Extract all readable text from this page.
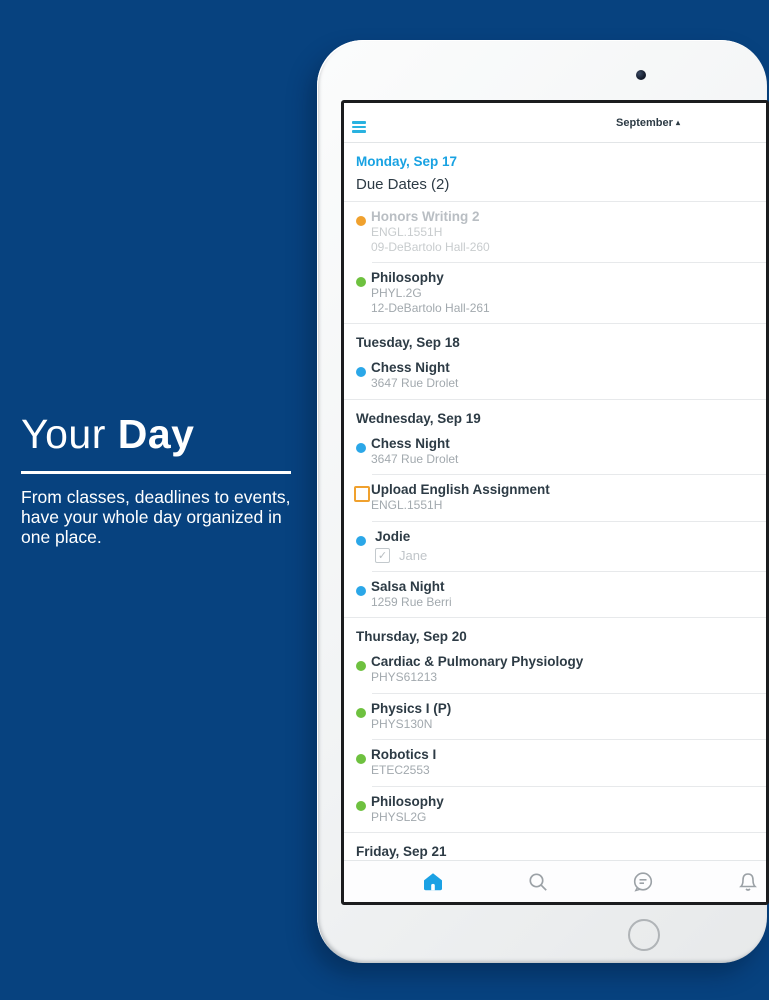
Your Day
From classes, deadlines to events, have your whole day organized in one place.
September ▴
Monday, Sep 17
Due Dates (2)
Honors Writing 2
ENGL.1551H
09-DeBartolo Hall-260
Philosophy
PHYL.2G
12-DeBartolo Hall-261
Tuesday, Sep 18
Chess Night
3647 Rue Drolet
Wednesday, Sep 19
Chess Night
3647 Rue Drolet
Upload English Assignment
ENGL.1551H
Jodie
✓ Jane
Salsa Night
1259 Rue Berri
Thursday, Sep 20
Cardiac & Pulmonary Physiology
PHYS61213
Physics I (P)
PHYS130N
Robotics I
ETEC2553
Philosophy
PHYSL2G
Friday, Sep 21
